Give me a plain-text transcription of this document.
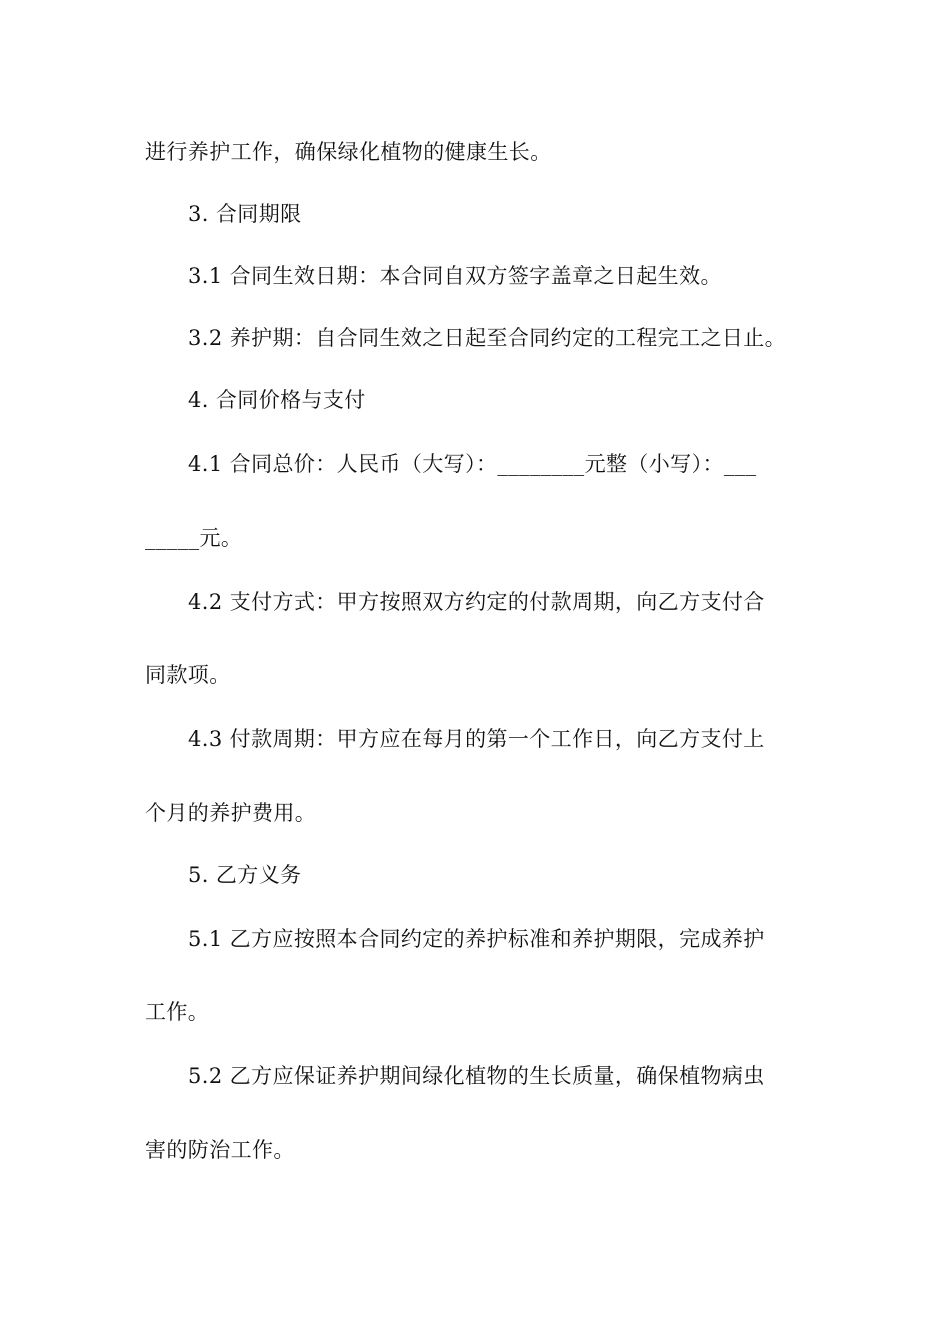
进行养护工作，确保绿化植物的健康生长。
3. 合同期限
3.1 合同生效日期：本合同自双方签字盖章之日起生效。
3.2 养护期：自合同生效之日起至合同约定的工程完工之日止。
4. 合同价格与支付
4.1 合同总价：人民币（大写）：________元整（小写）：___
_____元。
4.2 支付方式：甲方按照双方约定的付款周期，向乙方支付合
同款项。
4.3 付款周期：甲方应在每月的第一个工作日，向乙方支付上
个月的养护费用。
5. 乙方义务
5.1 乙方应按照本合同约定的养护标准和养护期限，完成养护
工作。
5.2 乙方应保证养护期间绿化植物的生长质量，确保植物病虫
害的防治工作。
